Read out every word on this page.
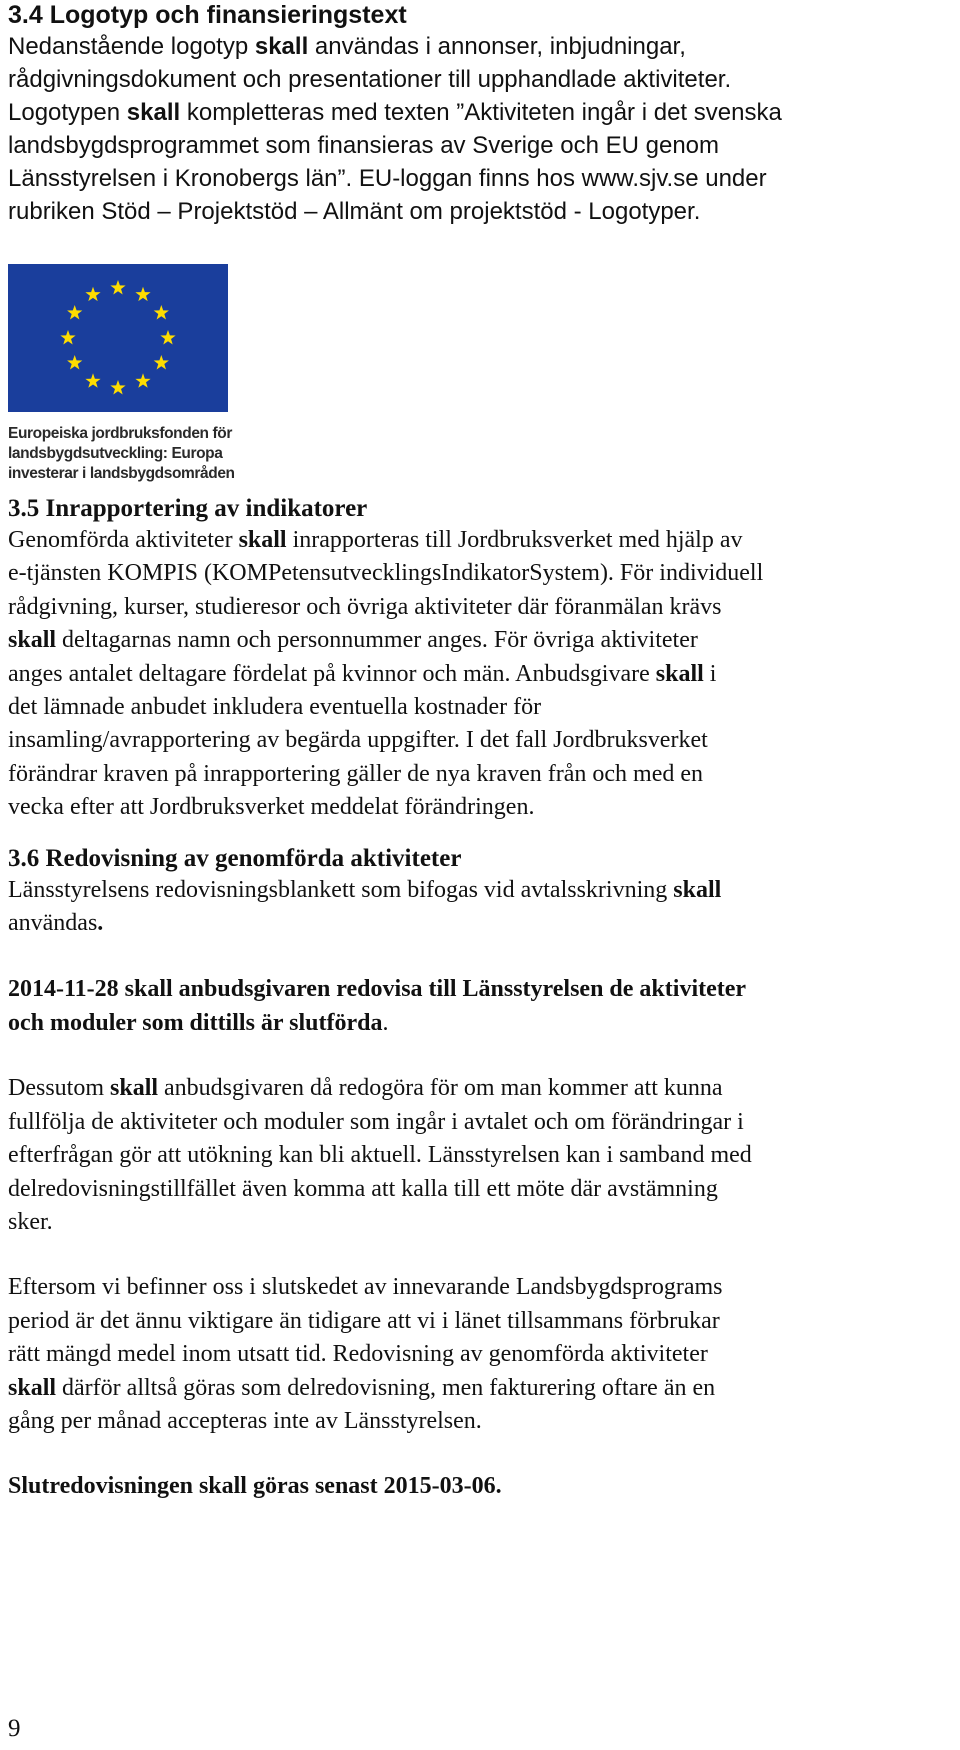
3.4 Logotyp och finansieringstext
Nedanstående logotyp skall användas i annonser, inbjudningar,
rådgivningsdokument och presentationer till upphandlade aktiviteter.
Logotypen skall kompletteras med texten ”Aktiviteten ingår i det svenska
landsbygdsprogrammet som finansieras av Sverige och EU genom
Länsstyrelsen i Kronobergs län”. EU-loggan finns hos www.sjv.se under
rubriken Stöd – Projektstöd – Allmänt om projektstöd - Logotyper.
Europeiska jordbruksfonden för
landsbygdsutveckling: Europa
investerar i landsbygdsområden
3.5 Inrapportering av indikatorer
Genomförda aktiviteter skall inrapporteras till Jordbruksverket med hjälp av
e-tjänsten KOMPIS (KOMPetensutvecklingsIndikatorSystem). För individuell
rådgivning, kurser, studieresor och övriga aktiviteter där föranmälan krävs
skall deltagarnas namn och personnummer anges. För övriga aktiviteter
anges antalet deltagare fördelat på kvinnor och män. Anbudsgivare skall i
det lämnade anbudet inkludera eventuella kostnader för
insamling/avrapportering av begärda uppgifter. I det fall Jordbruksverket
förändrar kraven på inrapportering gäller de nya kraven från och med en
vecka efter att Jordbruksverket meddelat förändringen.
3.6 Redovisning av genomförda aktiviteter
Länsstyrelsens redovisningsblankett som bifogas vid avtalsskrivning skall
användas.
2014-11-28 skall anbudsgivaren redovisa till Länsstyrelsen de aktiviteter
och moduler som dittills är slutförda.
Dessutom skall anbudsgivaren då redogöra för om man kommer att kunna
fullfölja de aktiviteter och moduler som ingår i avtalet och om förändringar i
efterfrågan gör att utökning kan bli aktuell. Länsstyrelsen kan i samband med
delredovisningstillfället även komma att kalla till ett möte där avstämning
sker.
Eftersom vi befinner oss i slutskedet av innevarande Landsbygdsprograms
period är det ännu viktigare än tidigare att vi i länet tillsammans förbrukar
rätt mängd medel inom utsatt tid. Redovisning av genomförda aktiviteter
skall därför alltså göras som delredovisning, men fakturering oftare än en
gång per månad accepteras inte av Länsstyrelsen.
Slutredovisningen skall göras senast 2015-03-06.
9
